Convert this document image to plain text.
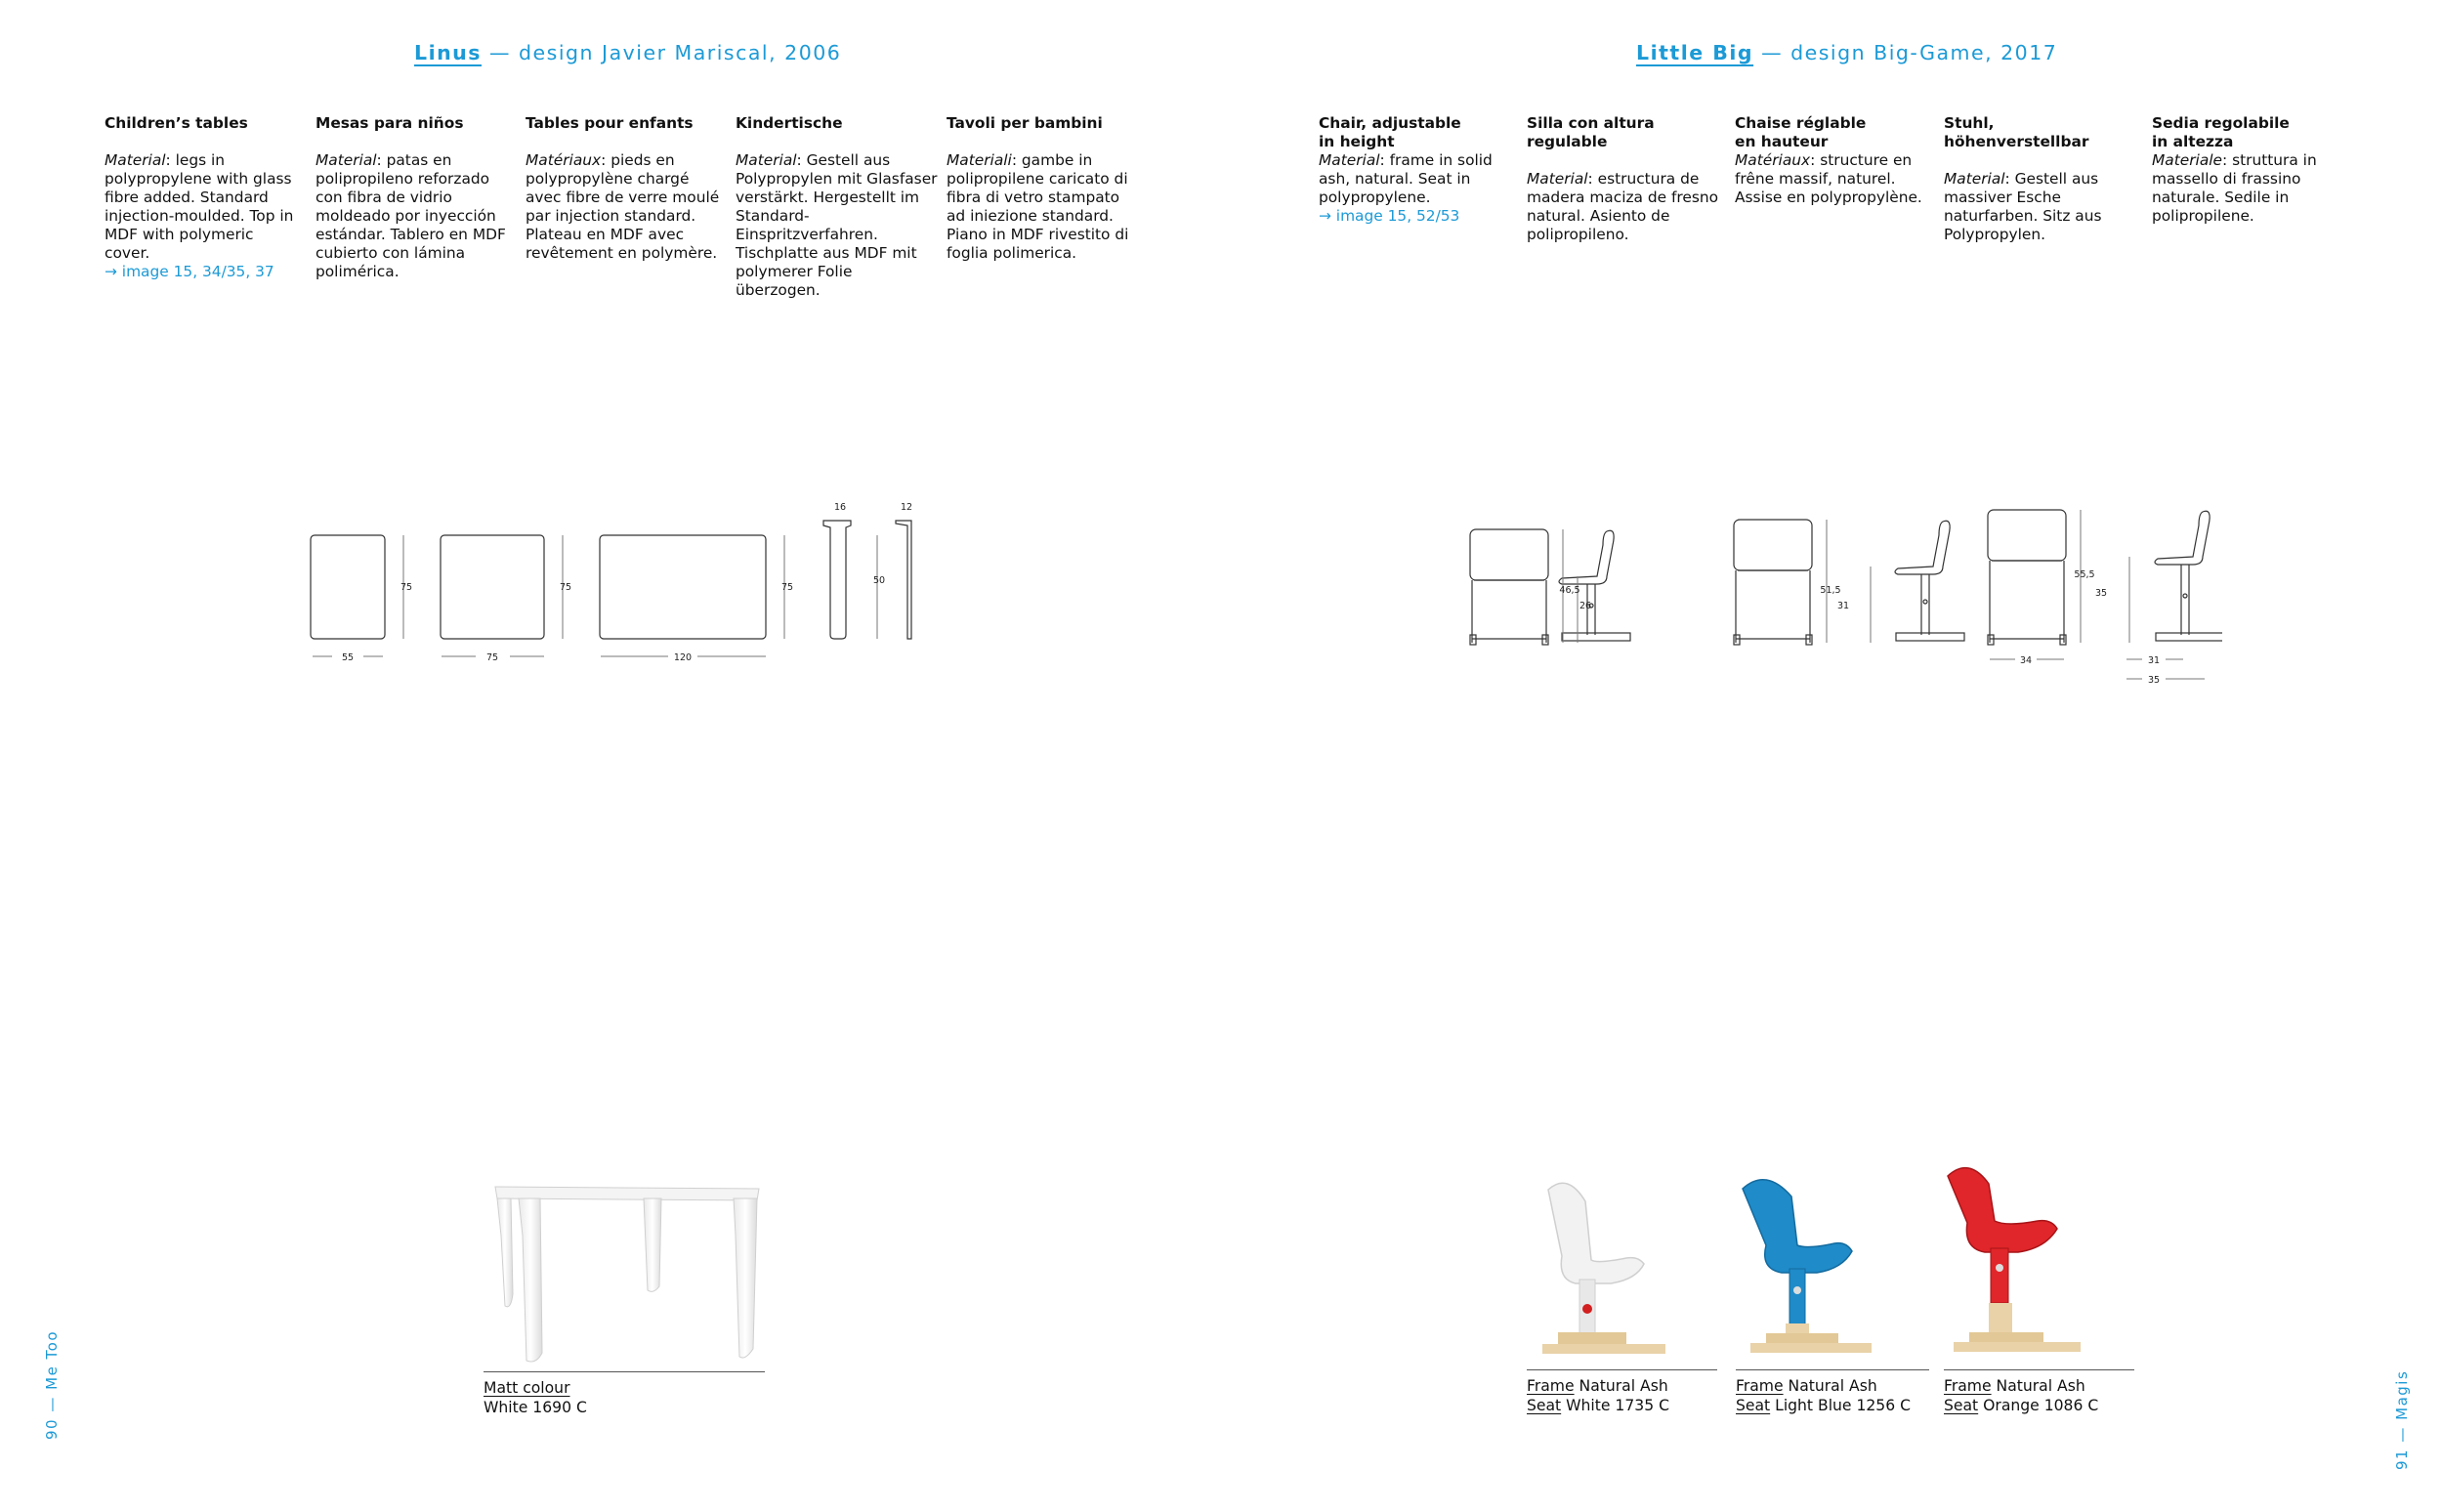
Linus — design Javier Mariscal, 2006
Children’s tables

Material: legs in polypropylene with glass fibre added. Standard injection-moulded. Top in MDF with polymeric cover.

→ image 15, 34/35, 37

Mesas para niños

Material: patas en polipropileno reforzado con fibra de vidrio moldeado por inyección estándar. Tablero en MDF cubierto con lámina polimérica.

Tables pour enfants

Matériaux: pieds en polypropylène chargé avec fibre de verre moulé par injection standard. Plateau en MDF avec revêtement en polymère.

Kindertische

Material: Gestell aus Polypropylen mit Glasfaser verstärkt. Hergestellt im Standard-Einspritzverfahren. Tischplatte aus MDF mit polymerer Folie überzogen.

Tavoli per bambini

Materiali: gambe in polipropilene caricato di fibra di vetro stampato ad iniezione standard. Piano in MDF rivestito di foglia polimerica.

75	75	75
50
55	75	120
16	12
Matt colour
White 1690 C
90 — Me Too
Little Big — design Big-Game, 2017
Chair, adjustable
in height

Material: frame in solid ash, natural. Seat in polypropylene.

→ image 15, 52/53

Silla con altura regulable

Material: estructura de madera maciza de fresno natural. Asiento de polipropileno.

Chaise réglable
en hauteur

Matériaux: structure en frêne massif, naturel. Assise en polypropylène.

Stuhl, höhenverstellbar

Material: Gestell aus massiver Esche naturfarben. Sitz aus Polypropylen.

Sedia regolabile
in altezza

Materiale: struttura in massello di frassino naturale. Sedile in polipropilene.

46,5
26
51,5
31
55,5
35
34	31
35
Frame Natural Ash
Seat White 1735 C
Frame Natural Ash
Seat Light Blue 1256 C
Frame Natural Ash
Seat Orange 1086 C	91 — Magis
